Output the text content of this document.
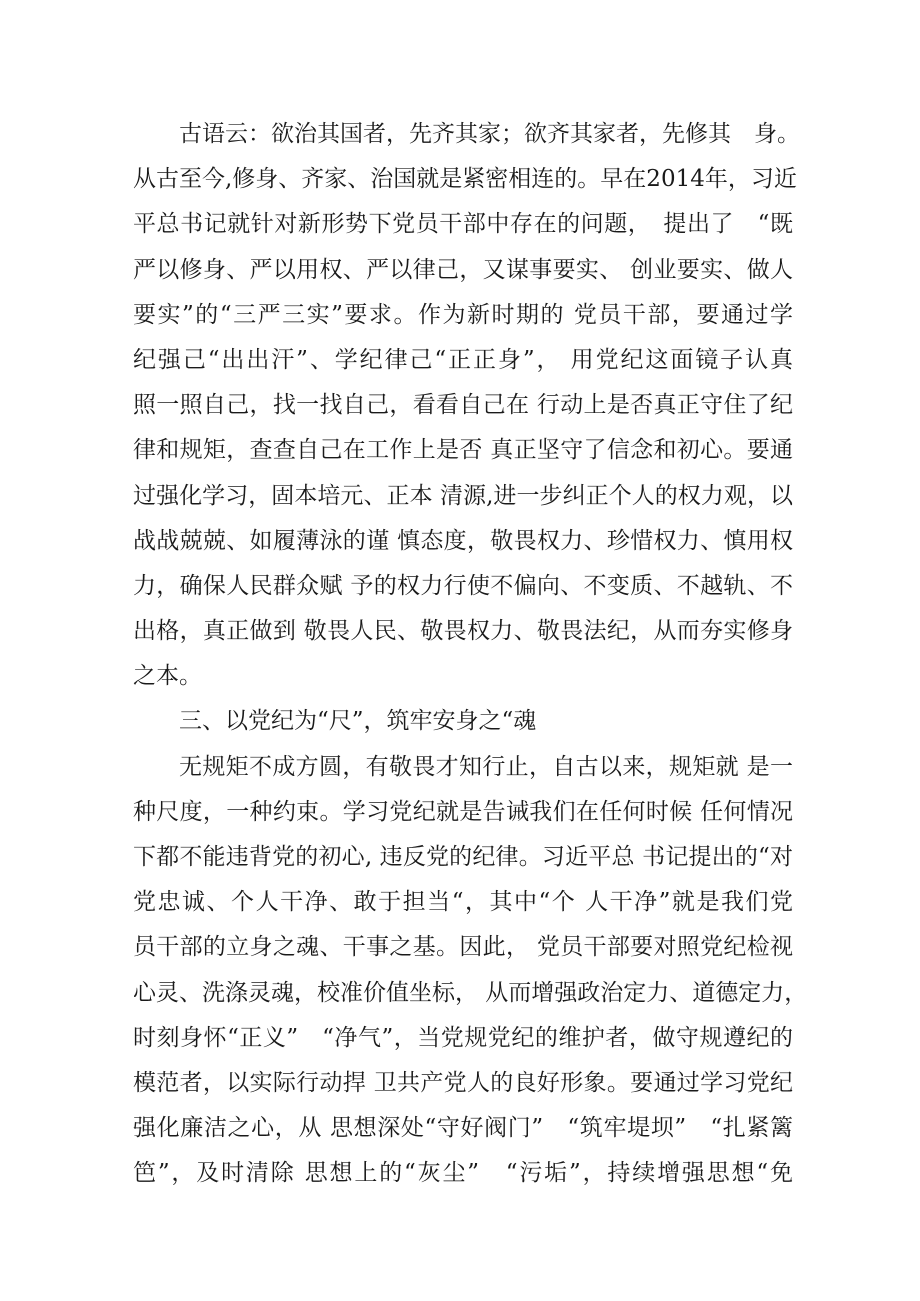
古语云：欲治其国者，先齐其家；欲齐其家者，先修其　身。
从古至今,修身、齐家、治国就是紧密相连的。早在2014年，习近
平总书记就针对新形势下党员干部中存在的问题，　提出了　“既
严以修身、严以用权、严以律己，又谋事要实、 创业要实、做人
要实”的“三严三实”要求。作为新时期的 党员干部，要通过学
纪强己“出出汗”、学纪律己“正正身”， 用党纪这面镜子认真
照一照自己，找一找自己，看看自己在 行动上是否真正守住了纪
律和规矩，查查自己在工作上是否 真正坚守了信念和初心。要通
过强化学习，固本培元、正本 清源,进一步纠正个人的权力观，以
战战兢兢、如履薄泳的谨 慎态度，敬畏权力、珍惜权力、慎用权
力，确保人民群众赋 予的权力行使不偏向、不变质、不越轨、不
出格，真正做到 敬畏人民、敬畏权力、敬畏法纪，从而夯实修身
之本。
三、以党纪为“尺”，筑牢安身之“魂
无规矩不成方圆，有敬畏才知行止，自古以来，规矩就 是一
种尺度，一种约束。学习党纪就是告诫我们在任何时候 任何情况
下都不能违背党的初心, 违反党的纪律。习近平总 书记提出的“对
党忠诚、个人干净、敢于担当“，其中“个 人干净”就是我们党
员干部的立身之魂、干事之基。因此， 党员干部要对照党纪检视
心灵、洗涤灵魂，校准价值坐标， 从而增强政治定力、道德定力，
时刻身怀“正义”　“净气”，当党规党纪的维护者，做守规遵纪的
模范者，以实际行动捍 卫共产党人的良好形象。要通过学习党纪
强化廉洁之心，从 思想深处“守好阀门”　“筑牢堤坝”　“扎紧篱
笆”，及时清除 思想上的“灰尘”　“污垢”，持续增强思想“免
